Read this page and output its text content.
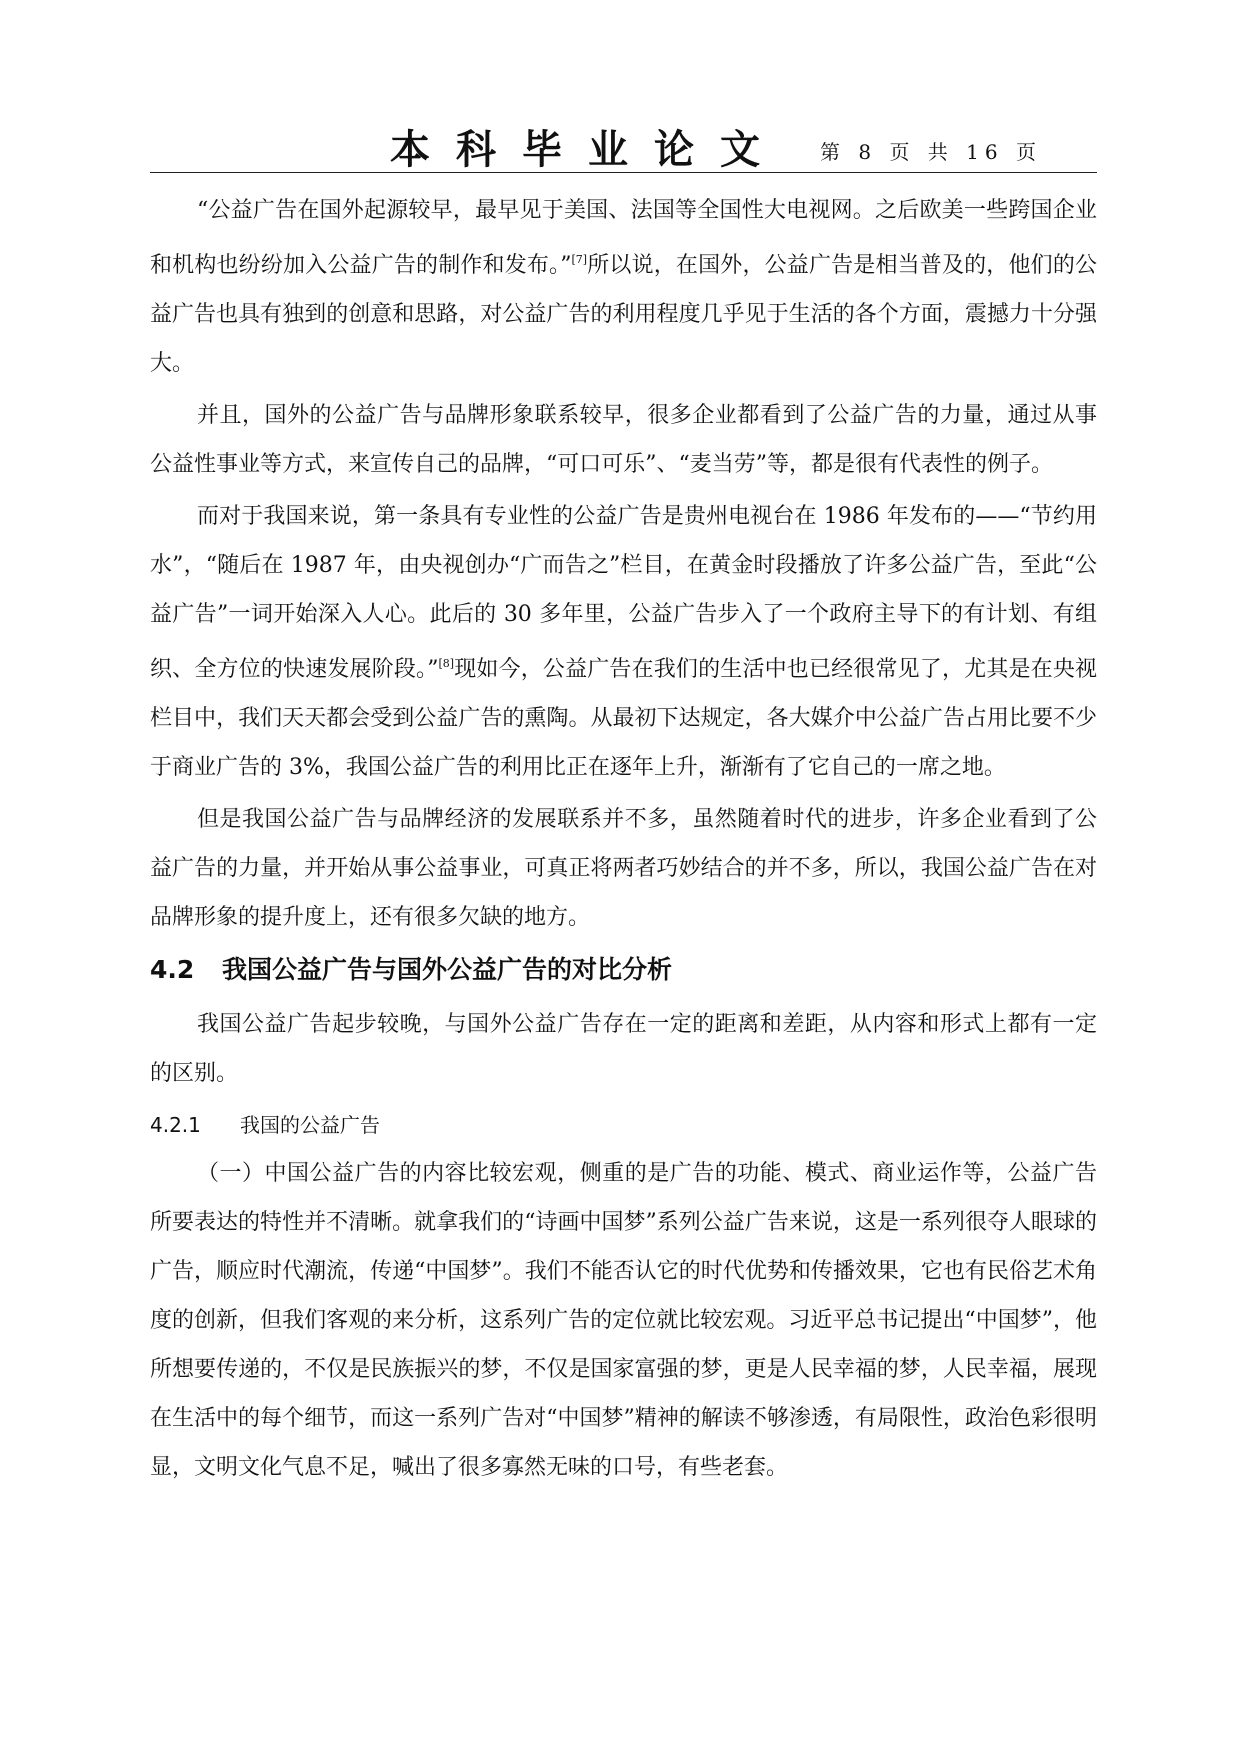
本科毕业论文 第 8 页 共 16 页

“公益广告在国外起源较早，最早见于美国、法国等全国性大电视网。之后欧美一些跨国企业和机构也纷纷加入公益广告的制作和发布。”[7]所以说，在国外，公益广告是相当普及的，他们的公益广告也具有独到的创意和思路，对公益广告的利用程度几乎见于生活的各个方面，震撼力十分强大。

并且，国外的公益广告与品牌形象联系较早，很多企业都看到了公益广告的力量，通过从事公益性事业等方式，来宣传自己的品牌，“可口可乐”、“麦当劳”等，都是很有代表性的例子。

而对于我国来说，第一条具有专业性的公益广告是贵州电视台在 1986 年发布的——“节约用水”，“随后在 1987 年，由央视创办“广而告之”栏目，在黄金时段播放了许多公益广告，至此“公益广告”一词开始深入人心。此后的 30 多年里，公益广告步入了一个政府主导下的有计划、有组织、全方位的快速发展阶段。”[8]现如今，公益广告在我们的生活中也已经很常见了，尤其是在央视栏目中，我们天天都会受到公益广告的熏陶。从最初下达规定，各大媒介中公益广告占用比要不少于商业广告的 3%，我国公益广告的利用比正在逐年上升，渐渐有了它自己的一席之地。

但是我国公益广告与品牌经济的发展联系并不多，虽然随着时代的进步，许多企业看到了公益广告的力量，并开始从事公益事业，可真正将两者巧妙结合的并不多，所以，我国公益广告在对品牌形象的提升度上，还有很多欠缺的地方。

4.2 我国公益广告与国外公益广告的对比分析

我国公益广告起步较晚，与国外公益广告存在一定的距离和差距，从内容和形式上都有一定的区别。

4.2.1 我国的公益广告

（一）中国公益广告的内容比较宏观，侧重的是广告的功能、模式、商业运作等，公益广告所要表达的特性并不清晰。就拿我们的“诗画中国梦”系列公益广告来说，这是一系列很夺人眼球的广告，顺应时代潮流，传递“中国梦”。我们不能否认它的时代优势和传播效果，它也有民俗艺术角度的创新，但我们客观的来分析，这系列广告的定位就比较宏观。习近平总书记提出“中国梦”，他所想要传递的，不仅是民族振兴的梦，不仅是国家富强的梦，更是人民幸福的梦，人民幸福，展现在生活中的每个细节，而这一系列广告对“中国梦”精神的解读不够渗透，有局限性，政治色彩很明显，文明文化气息不足，喊出了很多寡然无味的口号，有些老套。
